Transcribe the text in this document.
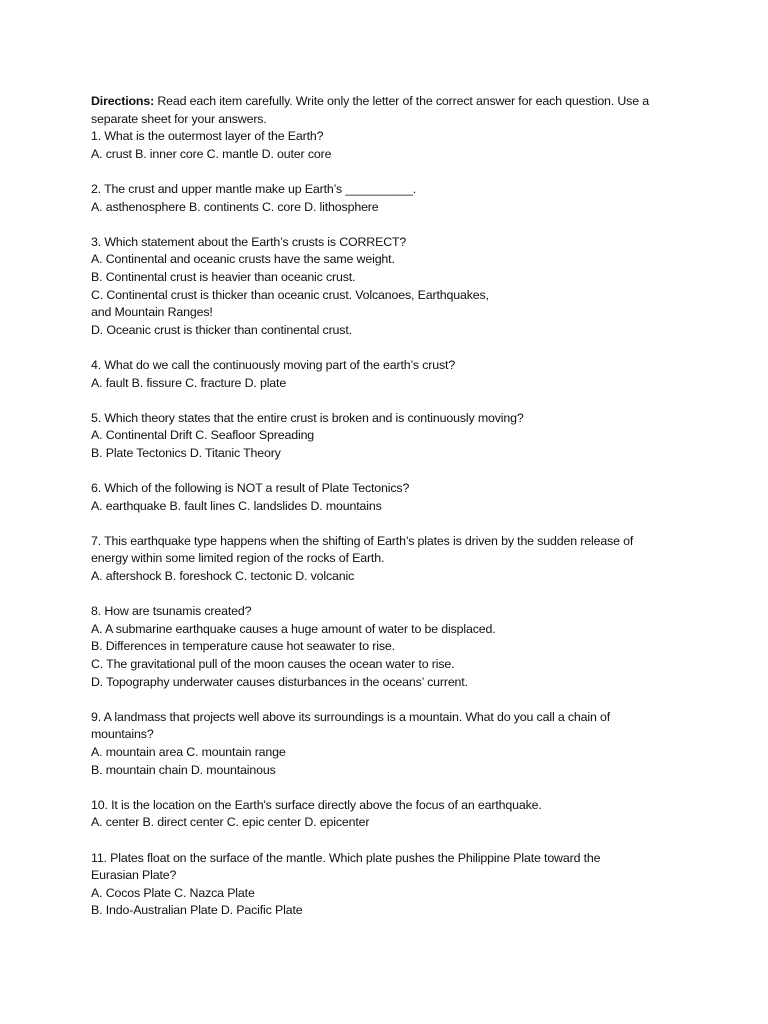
Directions: Read each item carefully. Write only the letter of the correct answer for each question. Use a
separate sheet for your answers.
1. What is the outermost layer of the Earth?
A. crust B. inner core C. mantle D. outer core
2. The crust and upper mantle make up Earth’s __________.
A. asthenosphere B. continents C. core D. lithosphere
3. Which statement about the Earth’s crusts is CORRECT?
A. Continental and oceanic crusts have the same weight.
B. Continental crust is heavier than oceanic crust.
C. Continental crust is thicker than oceanic crust. Volcanoes, Earthquakes,
and Mountain Ranges!
D. Oceanic crust is thicker than continental crust.
4. What do we call the continuously moving part of the earth’s crust?
A. fault B. fissure C. fracture D. plate
5. Which theory states that the entire crust is broken and is continuously moving?
A. Continental Drift C. Seafloor Spreading
B. Plate Tectonics D. Titanic Theory
6. Which of the following is NOT a result of Plate Tectonics?
A. earthquake B. fault lines C. landslides D. mountains
7. This earthquake type happens when the shifting of Earth’s plates is driven by the sudden release of
energy within some limited region of the rocks of Earth.
A. aftershock B. foreshock C. tectonic D. volcanic
8. How are tsunamis created?
A. A submarine earthquake causes a huge amount of water to be displaced.
B. Differences in temperature cause hot seawater to rise.
C. The gravitational pull of the moon causes the ocean water to rise.
D. Topography underwater causes disturbances in the oceans’ current.
9. A landmass that projects well above its surroundings is a mountain. What do you call a chain of
mountains?
A. mountain area C. mountain range
B. mountain chain D. mountainous
10. It is the location on the Earth's surface directly above the focus of an earthquake.
A. center B. direct center C. epic center D. epicenter
11. Plates float on the surface of the mantle. Which plate pushes the Philippine Plate toward the
Eurasian Plate?
A. Cocos Plate C. Nazca Plate
B. Indo-Australian Plate D. Pacific Plate
